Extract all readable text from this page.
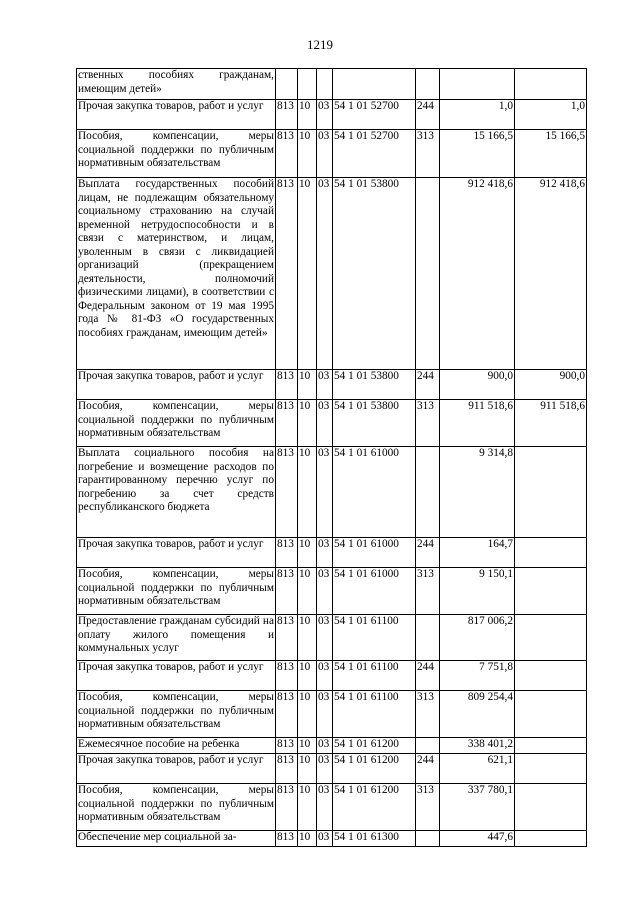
1219
ственных пособиях гражданам, имеющим детей»							
Прочая закупка товаров, работ и услуг	813	10	03	54 1 01 52700	244	1,0	1,0
Пособия, компенсации, меры социальной поддержки по публичным нормативным обязательствам	813	10	03	54 1 01 52700	313	15 166,5	15 166,5
Выплата государственных пособий лицам, не подлежащим обязательному социальному страхованию на случай временной нетрудоспособности и в связи с материнством, и лицам, уволенным в связи с ликвидацией организаций (прекращением деятельности, полномочий физическими лицами), в соответствии с Федеральным законом от 19 мая 1995 года № 81-ФЗ «О государственных пособиях гражданам, имеющим детей»	813	10	03	54 1 01 53800		912 418,6	912 418,6
Прочая закупка товаров, работ и услуг	813	10	03	54 1 01 53800	244	900,0	900,0
Пособия, компенсации, меры социальной поддержки по публичным нормативным обязательствам	813	10	03	54 1 01 53800	313	911 518,6	911 518,6
Выплата социального пособия на погребение и возмещение расходов по гарантированному перечню услуг по погребению за счет средств республиканского бюджета	813	10	03	54 1 01 61000		9 314,8	
Прочая закупка товаров, работ и услуг	813	10	03	54 1 01 61000	244	164,7	
Пособия, компенсации, меры социальной поддержки по публичным нормативным обязательствам	813	10	03	54 1 01 61000	313	9 150,1	
Предоставление гражданам субсидий на оплату жилого помещения и коммунальных услуг	813	10	03	54 1 01 61100		817 006,2	
Прочая закупка товаров, работ и услуг	813	10	03	54 1 01 61100	244	7 751,8	
Пособия, компенсации, меры социальной поддержки по публичным нормативным обязательствам	813	10	03	54 1 01 61100	313	809 254,4	
Ежемесячное пособие на ребенка	813	10	03	54 1 01 61200		338 401,2	
Прочая закупка товаров, работ и услуг	813	10	03	54 1 01 61200	244	621,1	
Пособия, компенсации, меры социальной поддержки по публичным нормативным обязательствам	813	10	03	54 1 01 61200	313	337 780,1	
Обеспечение мер социальной за-	813	10	03	54 1 01 61300		447,6	
